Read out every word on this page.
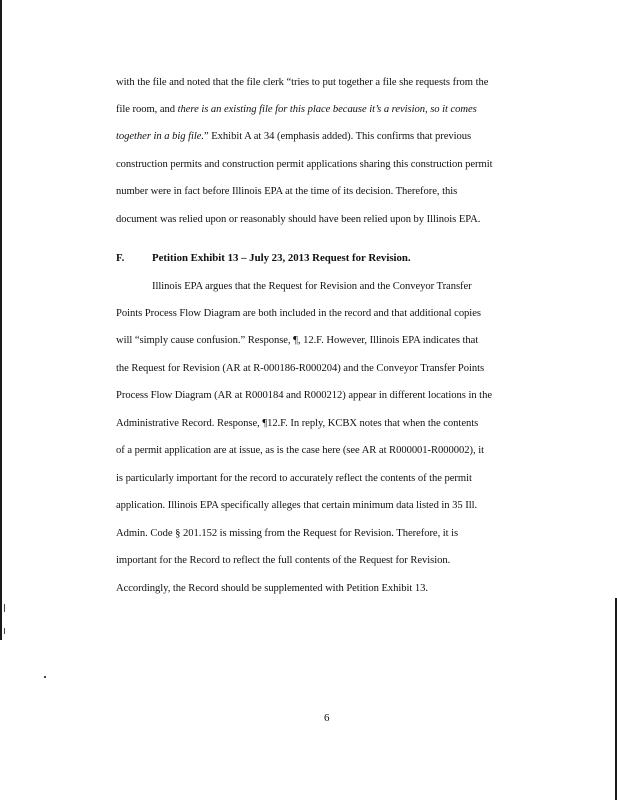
with the file and noted that the file clerk “tries to put together a file she requests from the
file room, and there is an existing file for this place because it’s a revision, so it comes
together in a big file.” Exhibit A at 34 (emphasis added). This confirms that previous
construction permits and construction permit applications sharing this construction permit
number were in fact before Illinois EPA at the time of its decision. Therefore, this
document was relied upon or reasonably should have been relied upon by Illinois EPA.
F.	Petition Exhibit 13 – July 23, 2013 Request for Revision.
Illinois EPA argues that the Request for Revision and the Conveyor Transfer
Points Process Flow Diagram are both included in the record and that additional copies
will “simply cause confusion.” Response, ¶, 12.F. However, Illinois EPA indicates that
the Request for Revision (AR at R-000186-R000204) and the Conveyor Transfer Points
Process Flow Diagram (AR at R000184 and R000212) appear in different locations in the
Administrative Record. Response, ¶12.F. In reply, KCBX notes that when the contents
of a permit application are at issue, as is the case here (see AR at R000001-R000002), it
is particularly important for the record to accurately reflect the contents of the permit
application. Illinois EPA specifically alleges that certain minimum data listed in 35 Ill.
Admin. Code § 201.152 is missing from the Request for Revision. Therefore, it is
important for the Record to reflect the full contents of the Request for Revision.
Accordingly, the Record should be supplemented with Petition Exhibit 13.
6
